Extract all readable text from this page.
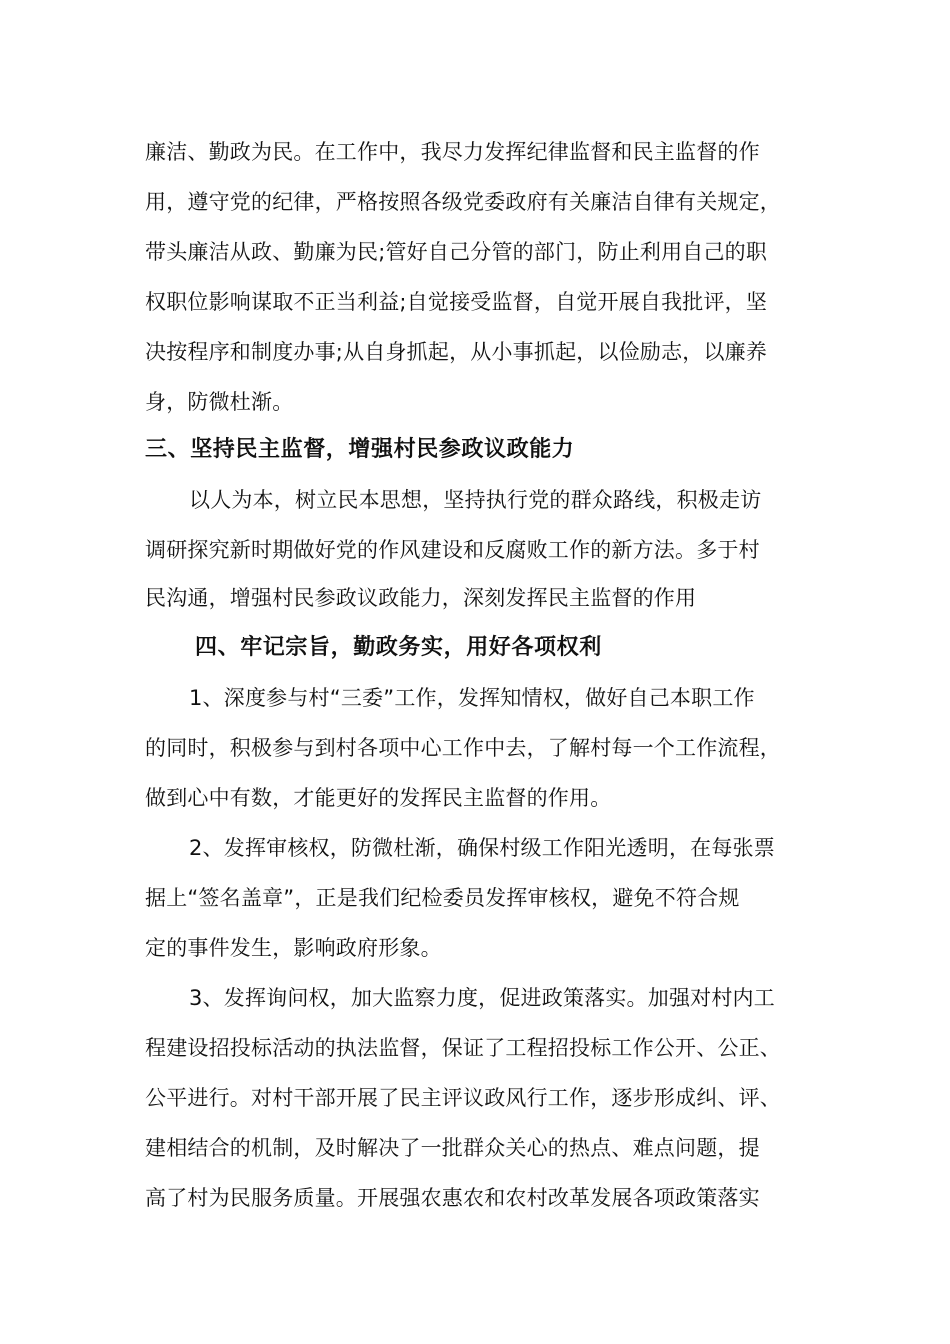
廉洁、勤政为民。在工作中，我尽力发挥纪律监督和民主监督的作
用，遵守党的纪律，严格按照各级党委政府有关廉洁自律有关规定，
带头廉洁从政、勤廉为民;管好自己分管的部门，防止利用自己的职
权职位影响谋取不正当利益;自觉接受监督，自觉开展自我批评，坚
决按程序和制度办事;从自身抓起，从小事抓起，以俭励志，以廉养
身，防微杜渐。
三、坚持民主监督，增强村民参政议政能力
以人为本，树立民本思想，坚持执行党的群众路线，积极走访
调研探究新时期做好党的作风建设和反腐败工作的新方法。多于村
民沟通，增强村民参政议政能力，深刻发挥民主监督的作用
四、牢记宗旨，勤政务实，用好各项权利
1、深度参与村“三委”工作，发挥知情权，做好自己本职工作
的同时，积极参与到村各项中心工作中去，了解村每一个工作流程，
做到心中有数，才能更好的发挥民主监督的作用。
2、发挥审核权，防微杜渐，确保村级工作阳光透明，在每张票
据上“签名盖章”，正是我们纪检委员发挥审核权，避免不符合规
定的事件发生，影响政府形象。
3、发挥询问权，加大监察力度，促进政策落实。加强对村内工
程建设招投标活动的执法监督，保证了工程招投标工作公开、公正、
公平进行。对村干部开展了民主评议政风行工作，逐步形成纠、评、
建相结合的机制，及时解决了一批群众关心的热点、难点问题，提
高了村为民服务质量。开展强农惠农和农村改革发展各项政策落实
